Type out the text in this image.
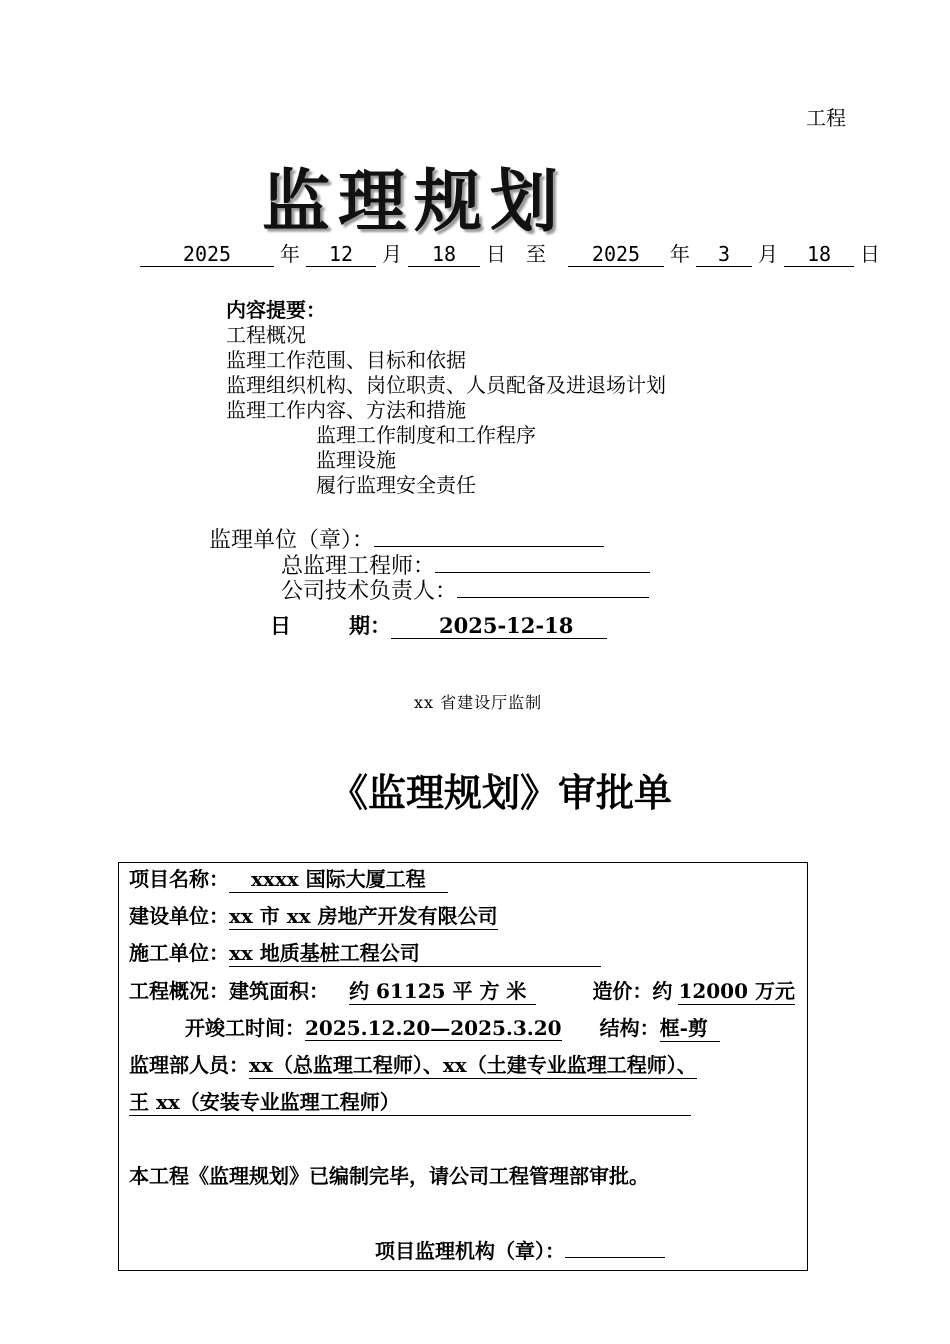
工程
监理规划
2025 年 12 月 18 日 至 2025 年 3 月 18 日
内容提要：
工程概况
监理工作范围、目标和依据
监理组织机构、岗位职责、人员配备及进退场计划
监理工作内容、方法和措施
监理工作制度和工作程序
监理设施
履行监理安全责任
监理单位（章）：
总监理工程师：
公司技术负责人：
日	期： 2025-12-18
xx 省建设厅监制
《监理规划》审批单
项目名称： xxxx 国际大厦工程
建设单位：xx 市 xx 房地产开发有限公司
施工单位：xx 地质基桩工程公司
工程概况：建筑面积： 约 61125 平 方 米	造价：约 12000 万元
开竣工时间：2025.12.20—2025.3.20 结构：框-剪
监理部人员：xx（总监理工程师）、xx（土建专业监理工程师）、
王 xx（安装专业监理工程师）
本工程《监理规划》已编制完毕，请公司工程管理部审批。
项目监理机构（章）：
